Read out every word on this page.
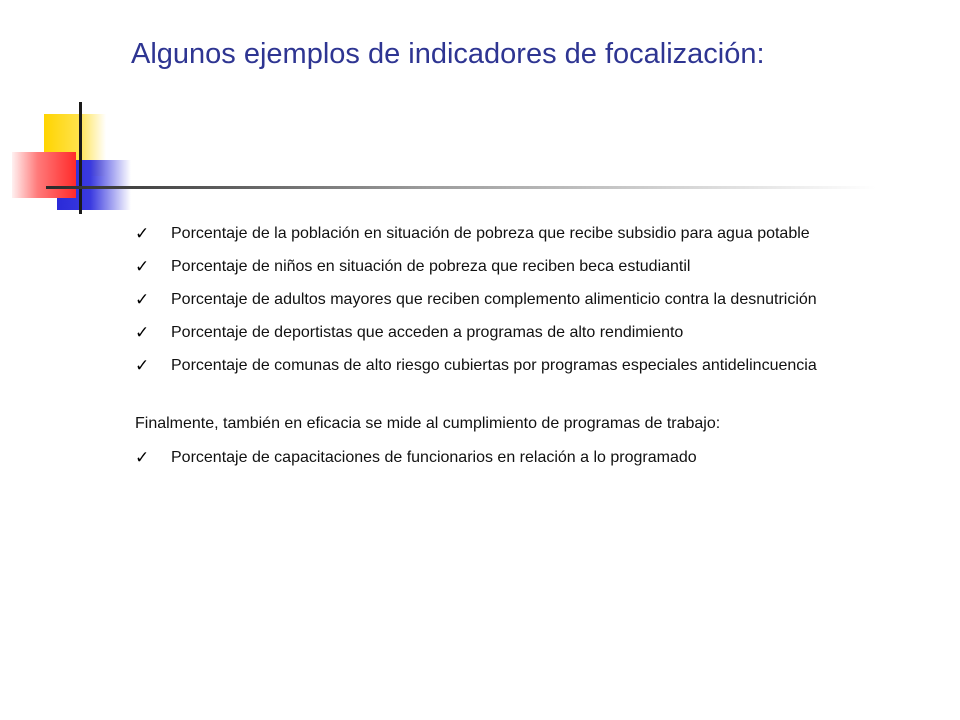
Algunos ejemplos de indicadores de focalización:
✓ Porcentaje de la población en situación de pobreza que recibe subsidio para agua potable
✓ Porcentaje de niños en situación de pobreza que reciben beca estudiantil
✓ Porcentaje de adultos mayores que reciben complemento alimenticio contra la desnutrición
✓ Porcentaje de deportistas que acceden a programas de alto rendimiento
✓ Porcentaje de comunas de alto riesgo cubiertas por programas especiales antidelincuencia

Finalmente, también en eficacia se mide al cumplimiento de programas de trabajo:

✓ Porcentaje de capacitaciones de funcionarios en relación a lo programado
